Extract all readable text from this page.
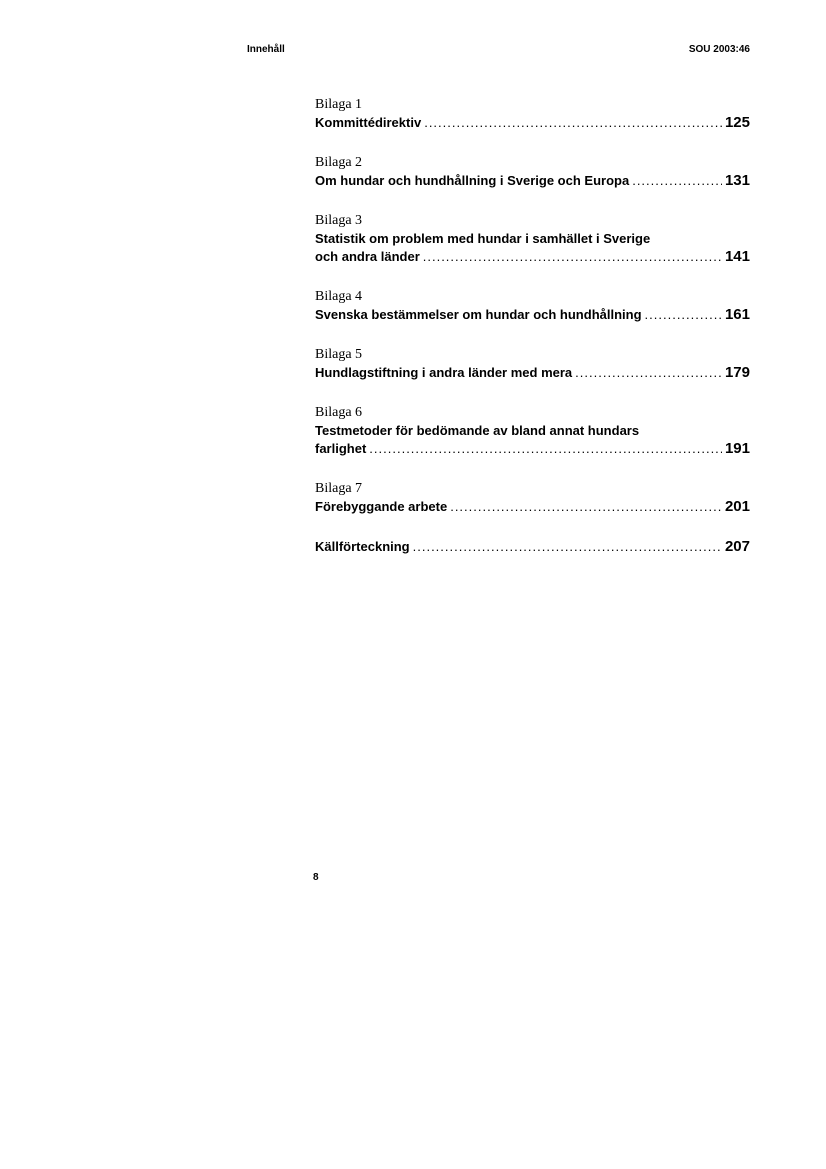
Innehåll	SOU 2003:46
Bilaga 1
Kommittédirektiv .....	125
Bilaga 2
Om hundar och hundhållning i Sverige och Europa .....	131
Bilaga 3
Statistik om problem med hundar i samhället i Sverige
och andra länder .....	141
Bilaga 4
Svenska bestämmelser om hundar och hundhållning .....	161
Bilaga 5
Hundlagstiftning i andra länder med mera .....	179
Bilaga 6
Testmetoder för bedömande av bland annat hundars
farlighet .....	191
Bilaga 7
Förebyggande arbete .....	201
Källförteckning .....	207
8
